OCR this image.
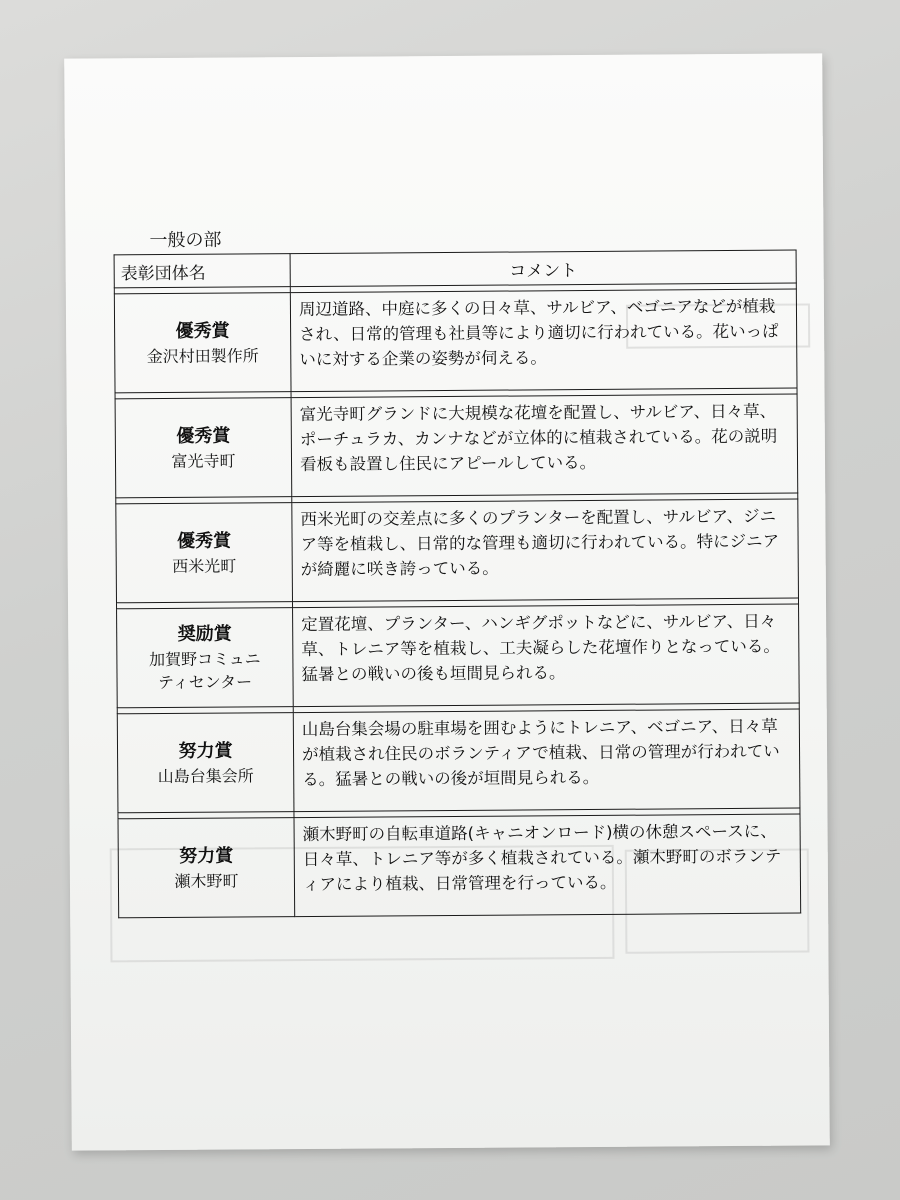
一般の部
表彰団体名	コメント

優秀賞
金沢村田製作所	周辺道路、中庭に多くの日々草、サルビア、ベゴニアなどが植栽され、日常的管理も社員等により適切に行われている。花いっぱいに対する企業の姿勢が伺える。

優秀賞
富光寺町	富光寺町グランドに大規模な花壇を配置し、サルビア、日々草、ポーチュラカ、カンナなどが立体的に植栽されている。花の説明看板も設置し住民にアピールしている。

優秀賞
西米光町	西米光町の交差点に多くのプランターを配置し、サルビア、ジニア等を植栽し、日常的な管理も適切に行われている。特にジニアが綺麗に咲き誇っている。

奨励賞
加賀野コミュニ
ティセンター	定置花壇、プランター、ハンギグポットなどに、サルビア、日々草、トレニア等を植栽し、工夫凝らした花壇作りとなっている。猛暑との戦いの後も垣間見られる。

努力賞
山島台集会所	山島台集会場の駐車場を囲むようにトレニア、ベゴニア、日々草が植栽され住民のボランティアで植栽、日常の管理が行われている。猛暑との戦いの後が垣間見られる。

努力賞
瀬木野町	瀬木野町の自転車道路(キャニオンロード)横の休憩スペースに、日々草、トレニア等が多く植栽されている。瀬木野町のボランティアにより植栽、日常管理を行っている。
